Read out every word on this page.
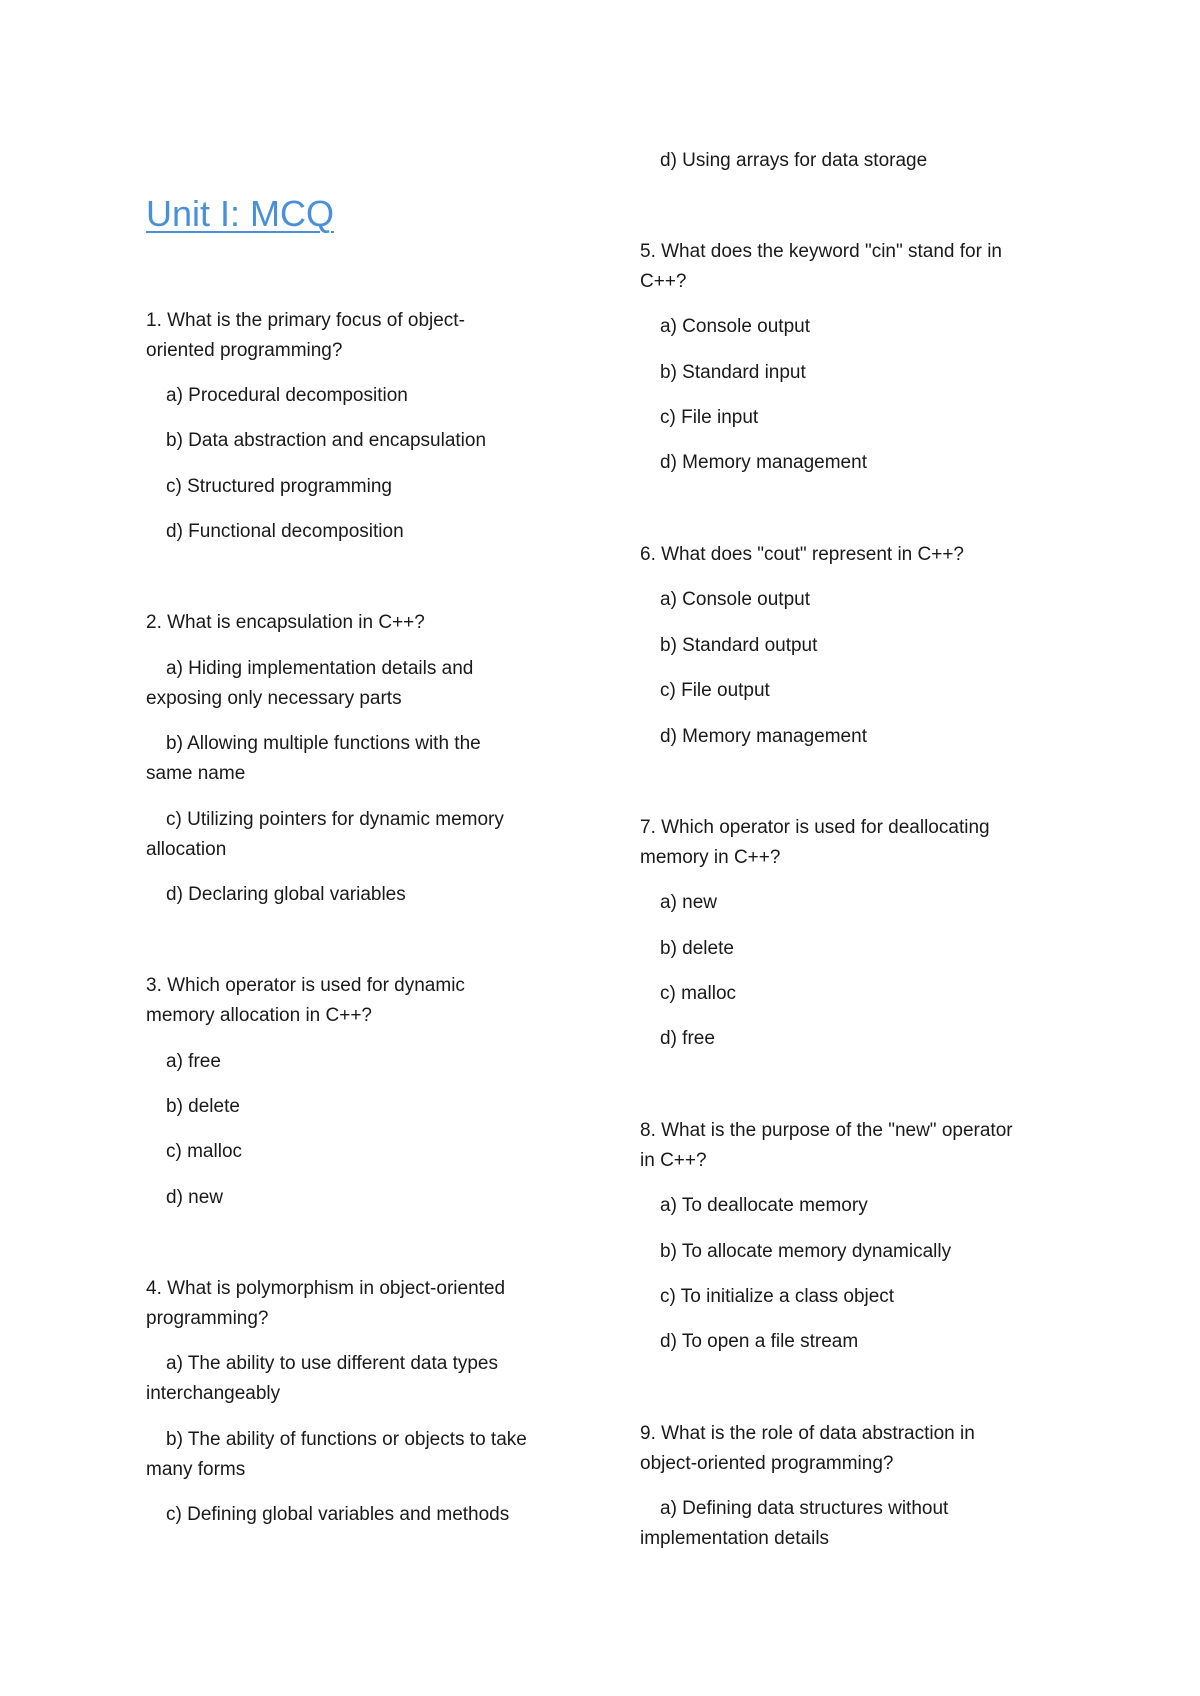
Unit I: MCQ

1. What is the primary focus of object-

oriented programming?

a) Procedural decomposition

b) Data abstraction and encapsulation

c) Structured programming

d) Functional decomposition

2. What is encapsulation in C++?

a) Hiding implementation details and

exposing only necessary parts

b) Allowing multiple functions with the

same name

c) Utilizing pointers for dynamic memory

allocation

d) Declaring global variables

3. Which operator is used for dynamic

memory allocation in C++?

a) free

b) delete

c) malloc

d) new

4. What is polymorphism in object-oriented

programming?

a) The ability to use different data types

interchangeably

b) The ability of functions or objects to take

many forms

c) Defining global variables and methods

d) Using arrays for data storage

5. What does the keyword "cin" stand for in

C++?

a) Console output

b) Standard input

c) File input

d) Memory management

6. What does "cout" represent in C++?

a) Console output

b) Standard output

c) File output

d) Memory management

7. Which operator is used for deallocating

memory in C++?

a) new

b) delete

c) malloc

d) free

8. What is the purpose of the "new" operator

in C++?

a) To deallocate memory

b) To allocate memory dynamically

c) To initialize a class object

d) To open a file stream

9. What is the role of data abstraction in

object-oriented programming?

a) Defining data structures without

implementation details
